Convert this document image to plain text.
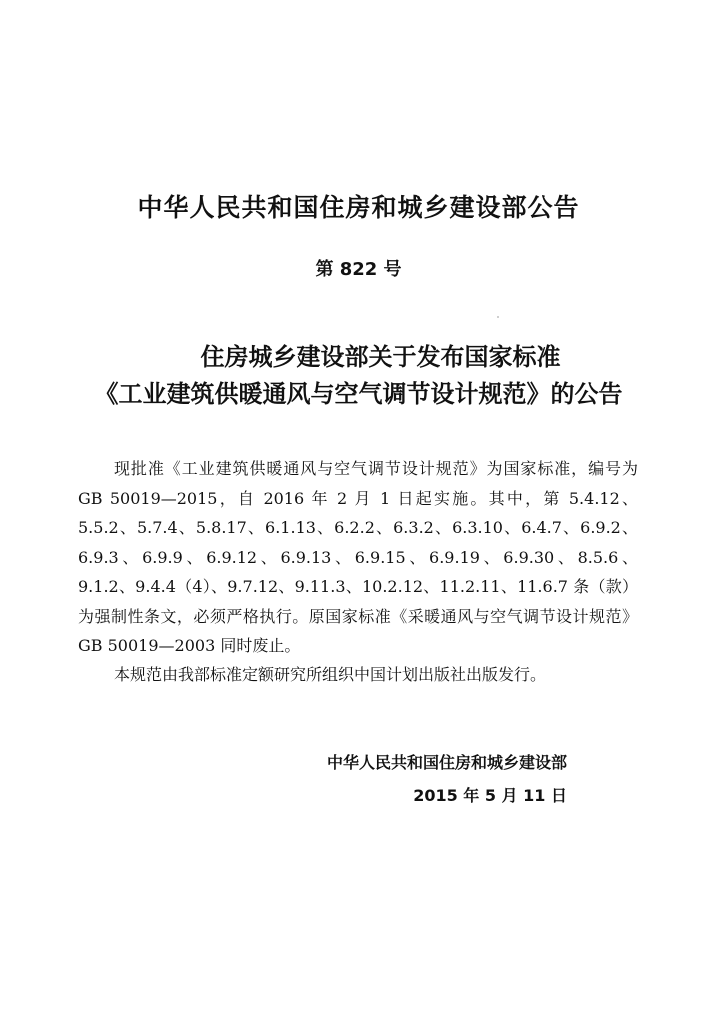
中华人民共和国住房和城乡建设部公告
第 822 号
住房城乡建设部关于发布国家标准
《工业建筑供暖通风与空气调节设计规范》的公告

现批准《工业建筑供暖通风与空气调节设计规范》为国家标准，编号为 GB 50019—2015，自 2016 年 2 月 1 日起实施。其中，第 5.4.12、5.5.2、5.7.4、5.8.17、6.1.13、6.2.2、6.3.2、6.3.10、6.4.7、6.9.2、6.9.3、6.9.9、6.9.12、6.9.13、6.9.15、6.9.19、6.9.30、8.5.6、9.1.2、9.4.4（4）、9.7.12、9.11.3、10.2.12、11.2.11、11.6.7 条（款）为强制性条文，必须严格执行。原国家标准《采暖通风与空气调节设计规范》GB 50019—2003 同时废止。

本规范由我部标准定额研究所组织中国计划出版社出版发行。

中华人民共和国住房和城乡建设部
2015 年 5 月 11 日
